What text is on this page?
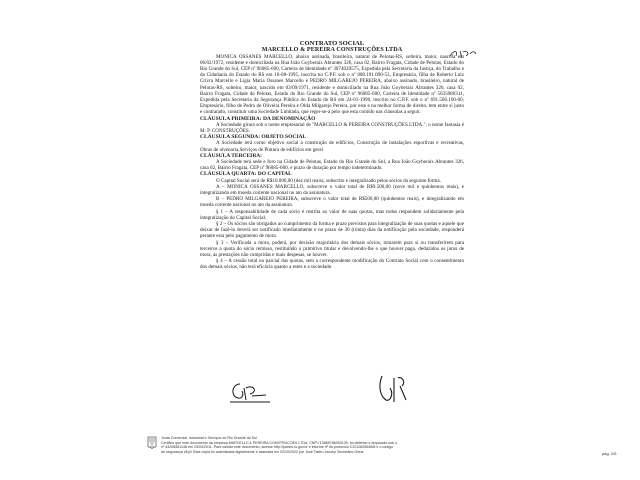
CONTRATO SOCIAL
MARCELLO & PEREIRA CONSTRUÇÕES LTDA

MONICA OSSANES MARCELLO, abaixo assinada, brasileira, natural de Pelotas-RS, solteira, maior, nascida em 06/02/1972, residente e domiciliada na Rua João Goyberaix Abrantes 326, casa 02, Bairro Fragata, Cidade de Pelotas, Estado do Rio Grande do Sul, CEP nº 96085-600, Carteira de Identidade nº 3074020575, Expedida pela Secretaria da Justiça, do Trabalho e da Cidadania do Estado do RS em 16-08-1995, inscrita no C.P.F. sob o nº 808.191.090-53, Empresária, filha de Roberto Luiz Crivra Marcello e Ligia Maria Ossanes Marcello e PEDRO MILGAREJO PEREIRA, abaixo assinado, brasileiro, natural de Pelotas-RS, solteiro, maior, nascido em 03/09/1971, residente e domiciliado na Rua João Goyberaix Abrantes 326, casa 02, Bairro Fragata, Cidade de Pelotas, Estado do Rio Grande do Sul, CEP nº 96085-600, Carteira de Identidade nº 5035080311, Expedida pela Secretaria da Segurança Pública do Estado do RS em 24-01-1990, inscrito no C.P.F. sob o nº 691.500.100-00, Empresário, filho de Pedro de Oliveira Pereira e Olda Milgarejo Pereira, por este e na melhor forma de direito, tem entre si justo e contratado, constituir uma Sociedade Limitada, que reger-se-á pelo que esta contido nas cláusulas a seguir.

CLÁUSULA PRIMEIRA: DA DENOMINAÇÃO

A Sociedade girara sob o nome empresarial de "MARCELLO & PEREIRA CONSTRUÇÕES LTDA.", o nome fantasia é M. P. CONSTRUÇÕES.

CLÁUSULA SEGUNDA: OBJETO SOCIAL

A Sociedade terá como objetivo social a construção de edifícios, Construção de instalações esportivas e recreativas, Obras de alvenaria,Serviços de Pintura de edifícios em geral

CLÁUSULA TERCEIRA:

A Sociedade terá sede e foro na Cidade de Pelotas, Estado do Rio Grande do Sul, a Rua João Goyberaix Abrantes 326, casa 02, Bairro Fragata, CEP nº 96085-600, e prazo de duração por tempo indeterminado.

CLÁUSULA QUARTA: DO CAPITAL

O Capital Social será de R$10.000,00 (dez mil reais), subscrito e integralizado pelos sócios da seguinte forma.

A – MONICA OSSANES MARCELLO, subscreve o valor total de R$9.500,00 (nove mil e quinhentos reais), e integralizando em moeda corrente nacional no ato da assinatura.

B – PEDRO MILGAREJO PEREIRA, subscreve o valor total de R$500,00 (quinhentos reais), e integralizando em moeda corrente nacional no ato da assinatura.

§ 1 – A responsabilidade de cada sócio é restrita ao valor de suas quotas, mas todos respondem solidariamente pela integralização do Capital Social.

§ 2 – Os sócios são obrigados ao cumprimento da forma e prazo previstos para integralização de suas quotas e aquele que deixar de fazê-lo deverá ser notificado imediatamente e no prazo de 30 (trinta) dias da notificação pela sociedade, responderá perante esta pelo pagamento de mora.

§ 3 – Verificada a mora, poderá, por decisão majoritária dos demais sócios, tomarem para si ou transferirem para terceiros a quota do sócio remisso, restituindo o primitivo titular e devolvendo-lhe o que houver pago, deduzidos os juros de mora, as prestações não cumpridas e mais despesas, se houver.

§ 4 – A cessão total ou parcial das quotas, sem a correspondente modificação do Contrato Social com o consentimento dos demais sócios, não terá eficácia quanto a estes e a sociedade.

Junta Comercial, Industrial e Serviços do Rio Grande do Sul
Certifico que este documento da empresa MARCELLO & PEREIRA CONSTRUCOES LTDA, CNPJ 13869786000109, foi deferido e arquivado sob o
nº 43206581148 em 25/04/2011. Para validar este documento, acesse http://jucisrs.rs.gov.br e informe nº do protocolo C2210625648/8 e o código
de segurança zEyV Esta cópia foi autenticada digitalmente e assinada em 02/10/2022 por José Tadeu Jacoby Secretário-Geral.	pág. 2/6
